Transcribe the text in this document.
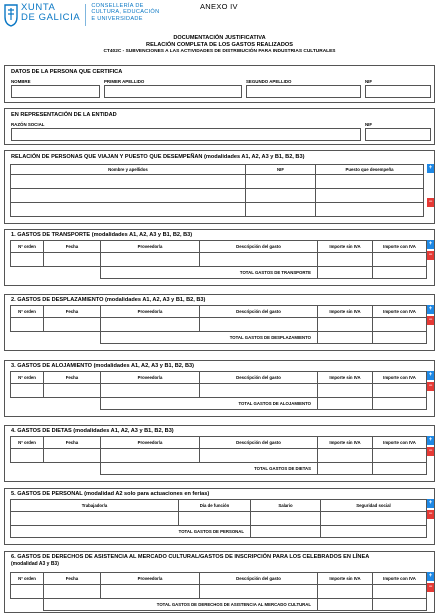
XUNTA
DE GALICIA
CONSELLERÍA DE
CULTURA, EDUCACIÓN
E UNIVERSIDADE
ANEXO IV
DOCUMENTACIÓN JUSTIFICATIVA
RELACIÓN COMPLETA DE LOS GASTOS REALIZADOS
CT402C - SUBVENCIONES A LAS ACTIVIDADES DE DISTRIBUCIÓN PARA INDUSTRIAS CULTURALES
DATOS DE LA PERSONA QUE CERTIFICA
NOMBRE	PRIMER APELLIDO	SEGUNDO APELLIDO	NIF
EN REPRESENTACIÓN DE LA ENTIDAD
RAZÓN SOCIAL	NIF
RELACIÓN DE PERSONAS QUE VIAJAN Y PUESTO QUE DESEMPEÑAN (modalidades A1, A2, A3 y B1, B2, B3)
Nombre y apellidos	NIF	Puesto que desempeña

			+
−
1. GASTOS DE TRANSPORTE (modalidades A1, A2, A3 y B1, B2, B3)
Nº orden	Fecha	Proveedor/a	Descripción del gasto	Importe sin IVA	Importe con IVA

		TOTAL GASTOS DE TRANSPORTE			
+
−
2. GASTOS DE DESPLAZAMIENTO (modalidades A1, A2, A3 y B1, B2, B3)
Nº orden	Fecha	Proveedor/a	Descripción del gasto	Importe sin IVA	Importe con IVA

		TOTAL GASTOS DE DESPLAZAMIENTO			
+
−
3. GASTOS DE ALOJAMIENTO (modalidades A1, A2, A3 y B1, B2, B3)
Nº orden	Fecha	Proveedor/a	Descripción del gasto	Importe sin IVA	Importe con IVA

		TOTAL GASTOS DE ALOJAMIENTO			
+
−
4. GASTOS DE DIETAS (modalidades A1, A2, A3 y B1, B2, B3)
Nº orden	Fecha	Proveedor/a	Descripción del gasto	Importe sin IVA	Importe con IVA

		TOTAL GASTOS DE DIETAS			
+
−
5. GASTOS DE PERSONAL (modalidad A2 solo para actuaciones en ferias)
Trabajador/a	Día de función	Salario	Seguridad social

TOTAL GASTOS DE PERSONAL			
+
−
6. GASTOS DE DERECHOS DE ASISTENCIA AL MERCADO CULTURAL/GASTOS DE INSCRIPCIÓN PARA LOS CELEBRADOS EN LÍNEA
(modalidad A3 y B3)
Nº orden	Fecha	Proveedor/a	Descripción del gasto	Importe sin IVA	Importe con IVA

	TOTAL GASTOS DE DERECHOS DE ASISTENCIA AL MERCADO CULTURAL				
+
−
